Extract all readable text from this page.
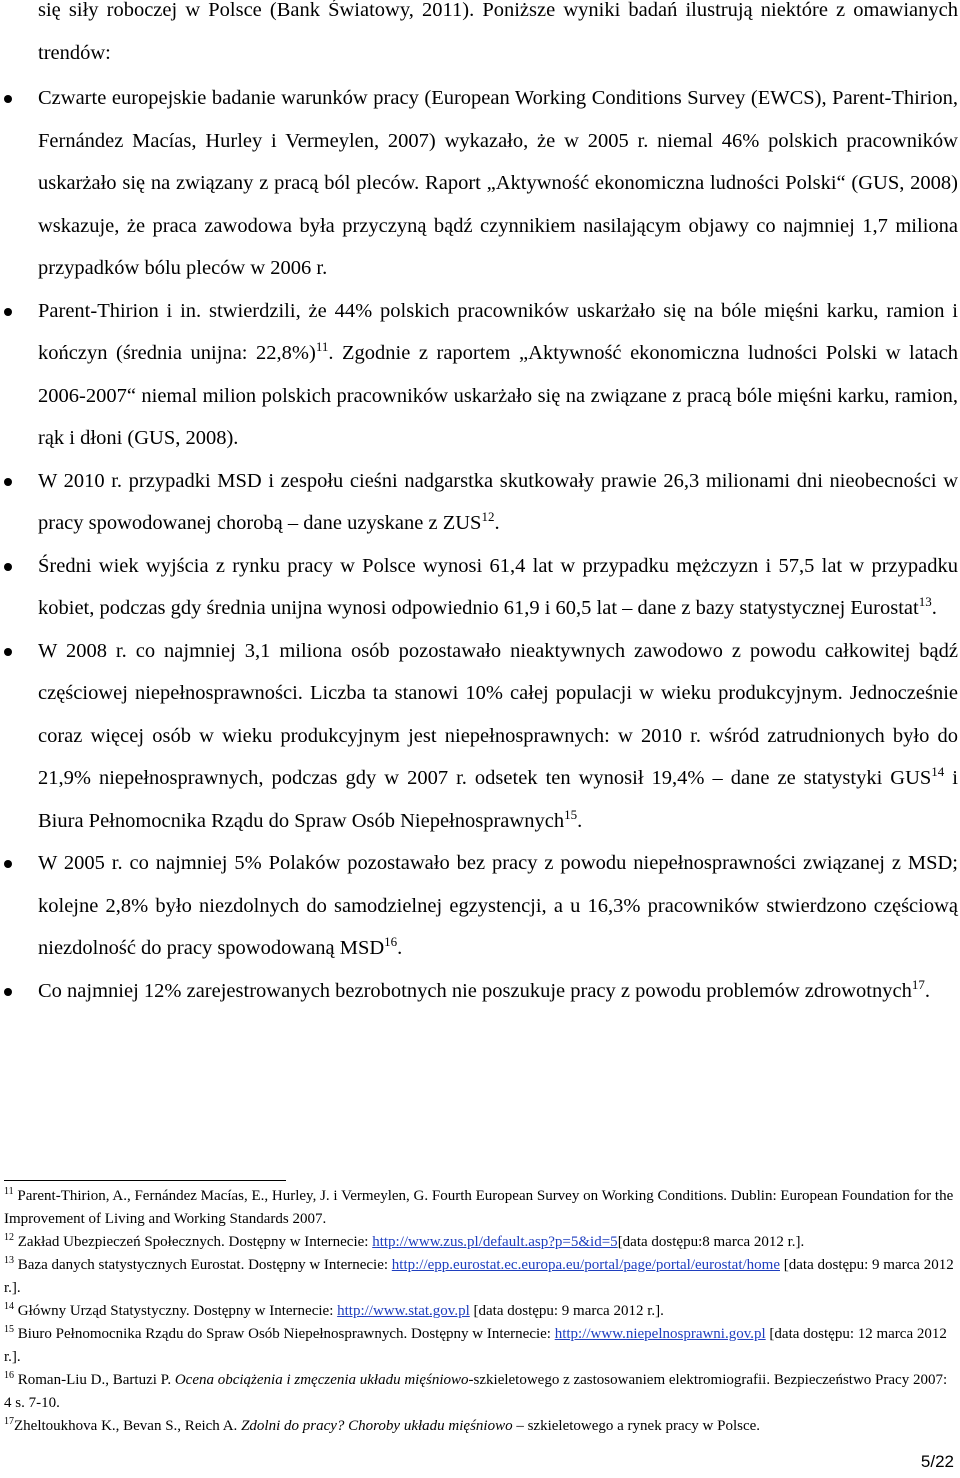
się siły roboczej w Polsce (Bank Światowy, 2011). Poniższe wyniki badań ilustrują niektóre z omawianych trendów:
Czwarte europejskie badanie warunków pracy (European Working Conditions Survey (EWCS), Parent-Thirion, Fernández Macías, Hurley i Vermeylen, 2007) wykazało, że w 2005 r. niemal 46% polskich pracowników uskarżało się na związany z pracą ból pleców. Raport „Aktywność ekonomiczna ludności Polski“ (GUS, 2008) wskazuje, że praca zawodowa była przyczyną bądź czynnikiem nasilającym objawy co najmniej 1,7 miliona przypadków bólu pleców w 2006 r.
Parent-Thirion i in. stwierdzili, że 44% polskich pracowników uskarżało się na bóle mięśni karku, ramion i kończyn (średnia unijna: 22,8%)$^{11}$. Zgodnie z raportem „Aktywność ekonomiczna ludności Polski w latach 2006-2007“ niemal milion polskich pracowników uskarżało się na związane z pracą bóle mięśni karku, ramion, rąk i dłoni (GUS, 2008).
W 2010 r. przypadki MSD i zespołu cieśni nadgarstka skutkowały prawie 26,3 milionami dni nieobecności w pracy spowodowanej chorobą – dane uzyskane z ZUS$^{12}$.
Średni wiek wyjścia z rynku pracy w Polsce wynosi 61,4 lat w przypadku mężczyzn i 57,5 lat w przypadku kobiet, podczas gdy średnia unijna wynosi odpowiednio 61,9 i 60,5 lat – dane z bazy statystycznej Eurostat$^{13}$.
W 2008 r. co najmniej 3,1 miliona osób pozostawało nieaktywnych zawodowo z powodu całkowitej bądź częściowej niepełnosprawności. Liczba ta stanowi 10% całej populacji w wieku produkcyjnym. Jednocześnie coraz więcej osób w wieku produkcyjnym jest niepełnosprawnych: w 2010 r. wśród zatrudnionych było do 21,9% niepełnosprawnych, podczas gdy w 2007 r. odsetek ten wynosił 19,4% – dane ze statystyki GUS$^{14}$ i Biura Pełnomocnika Rządu do Spraw Osób Niepełnosprawnych$^{15}$.
W 2005 r. co najmniej 5% Polaków pozostawało bez pracy z powodu niepełnosprawności związanej z MSD; kolejne 2,8% było niezdolnych do samodzielnej egzystencji, a u 16,3% pracowników stwierdzono częściową niezdolność do pracy spowodowaną MSD$^{16}$.
Co najmniej 12% zarejestrowanych bezrobotnych nie poszukuje pracy z powodu problemów zdrowotnych$^{17}$.

$^{11}$ Parent-Thirion, A., Fernández Macías, E., Hurley, J. i Vermeylen, G. Fourth European Survey on Working Conditions. Dublin: European Foundation for the Improvement of Living and Working Standards 2007.

$^{12}$ Zakład Ubezpieczeń Społecznych. Dostępny w Internecie: http://www.zus.pl/default.asp?p=5&id=5[data dostępu:8 marca 2012 r.].

$^{13}$ Baza danych statystycznych Eurostat. Dostępny w Internecie: http://epp.eurostat.ec.europa.eu/portal/page/portal/eurostat/home [data dostępu: 9 marca 2012 r.].

$^{14}$ Główny Urząd Statystyczny. Dostępny w Internecie: http://www.stat.gov.pl [data dostępu: 9 marca 2012 r.].

$^{15}$ Biuro Pełnomocnika Rządu do Spraw Osób Niepełnosprawnych. Dostępny w Internecie: http://www.niepelnosprawni.gov.pl [data dostępu: 12 marca 2012 r.].

$^{16}$ Roman-Liu D., Bartuzi P. Ocena obciążenia i zmęczenia układu mięśniowo-szkieletowego z zastosowaniem elektromiografii. Bezpieczeństwo Pracy 2007: 4 s. 7-10.

$^{17}$Zheltoukhova K., Bevan S., Reich A. Zdolni do pracy? Choroby układu mięśniowo – szkieletowego a rynek pracy w Polsce.

5/22
